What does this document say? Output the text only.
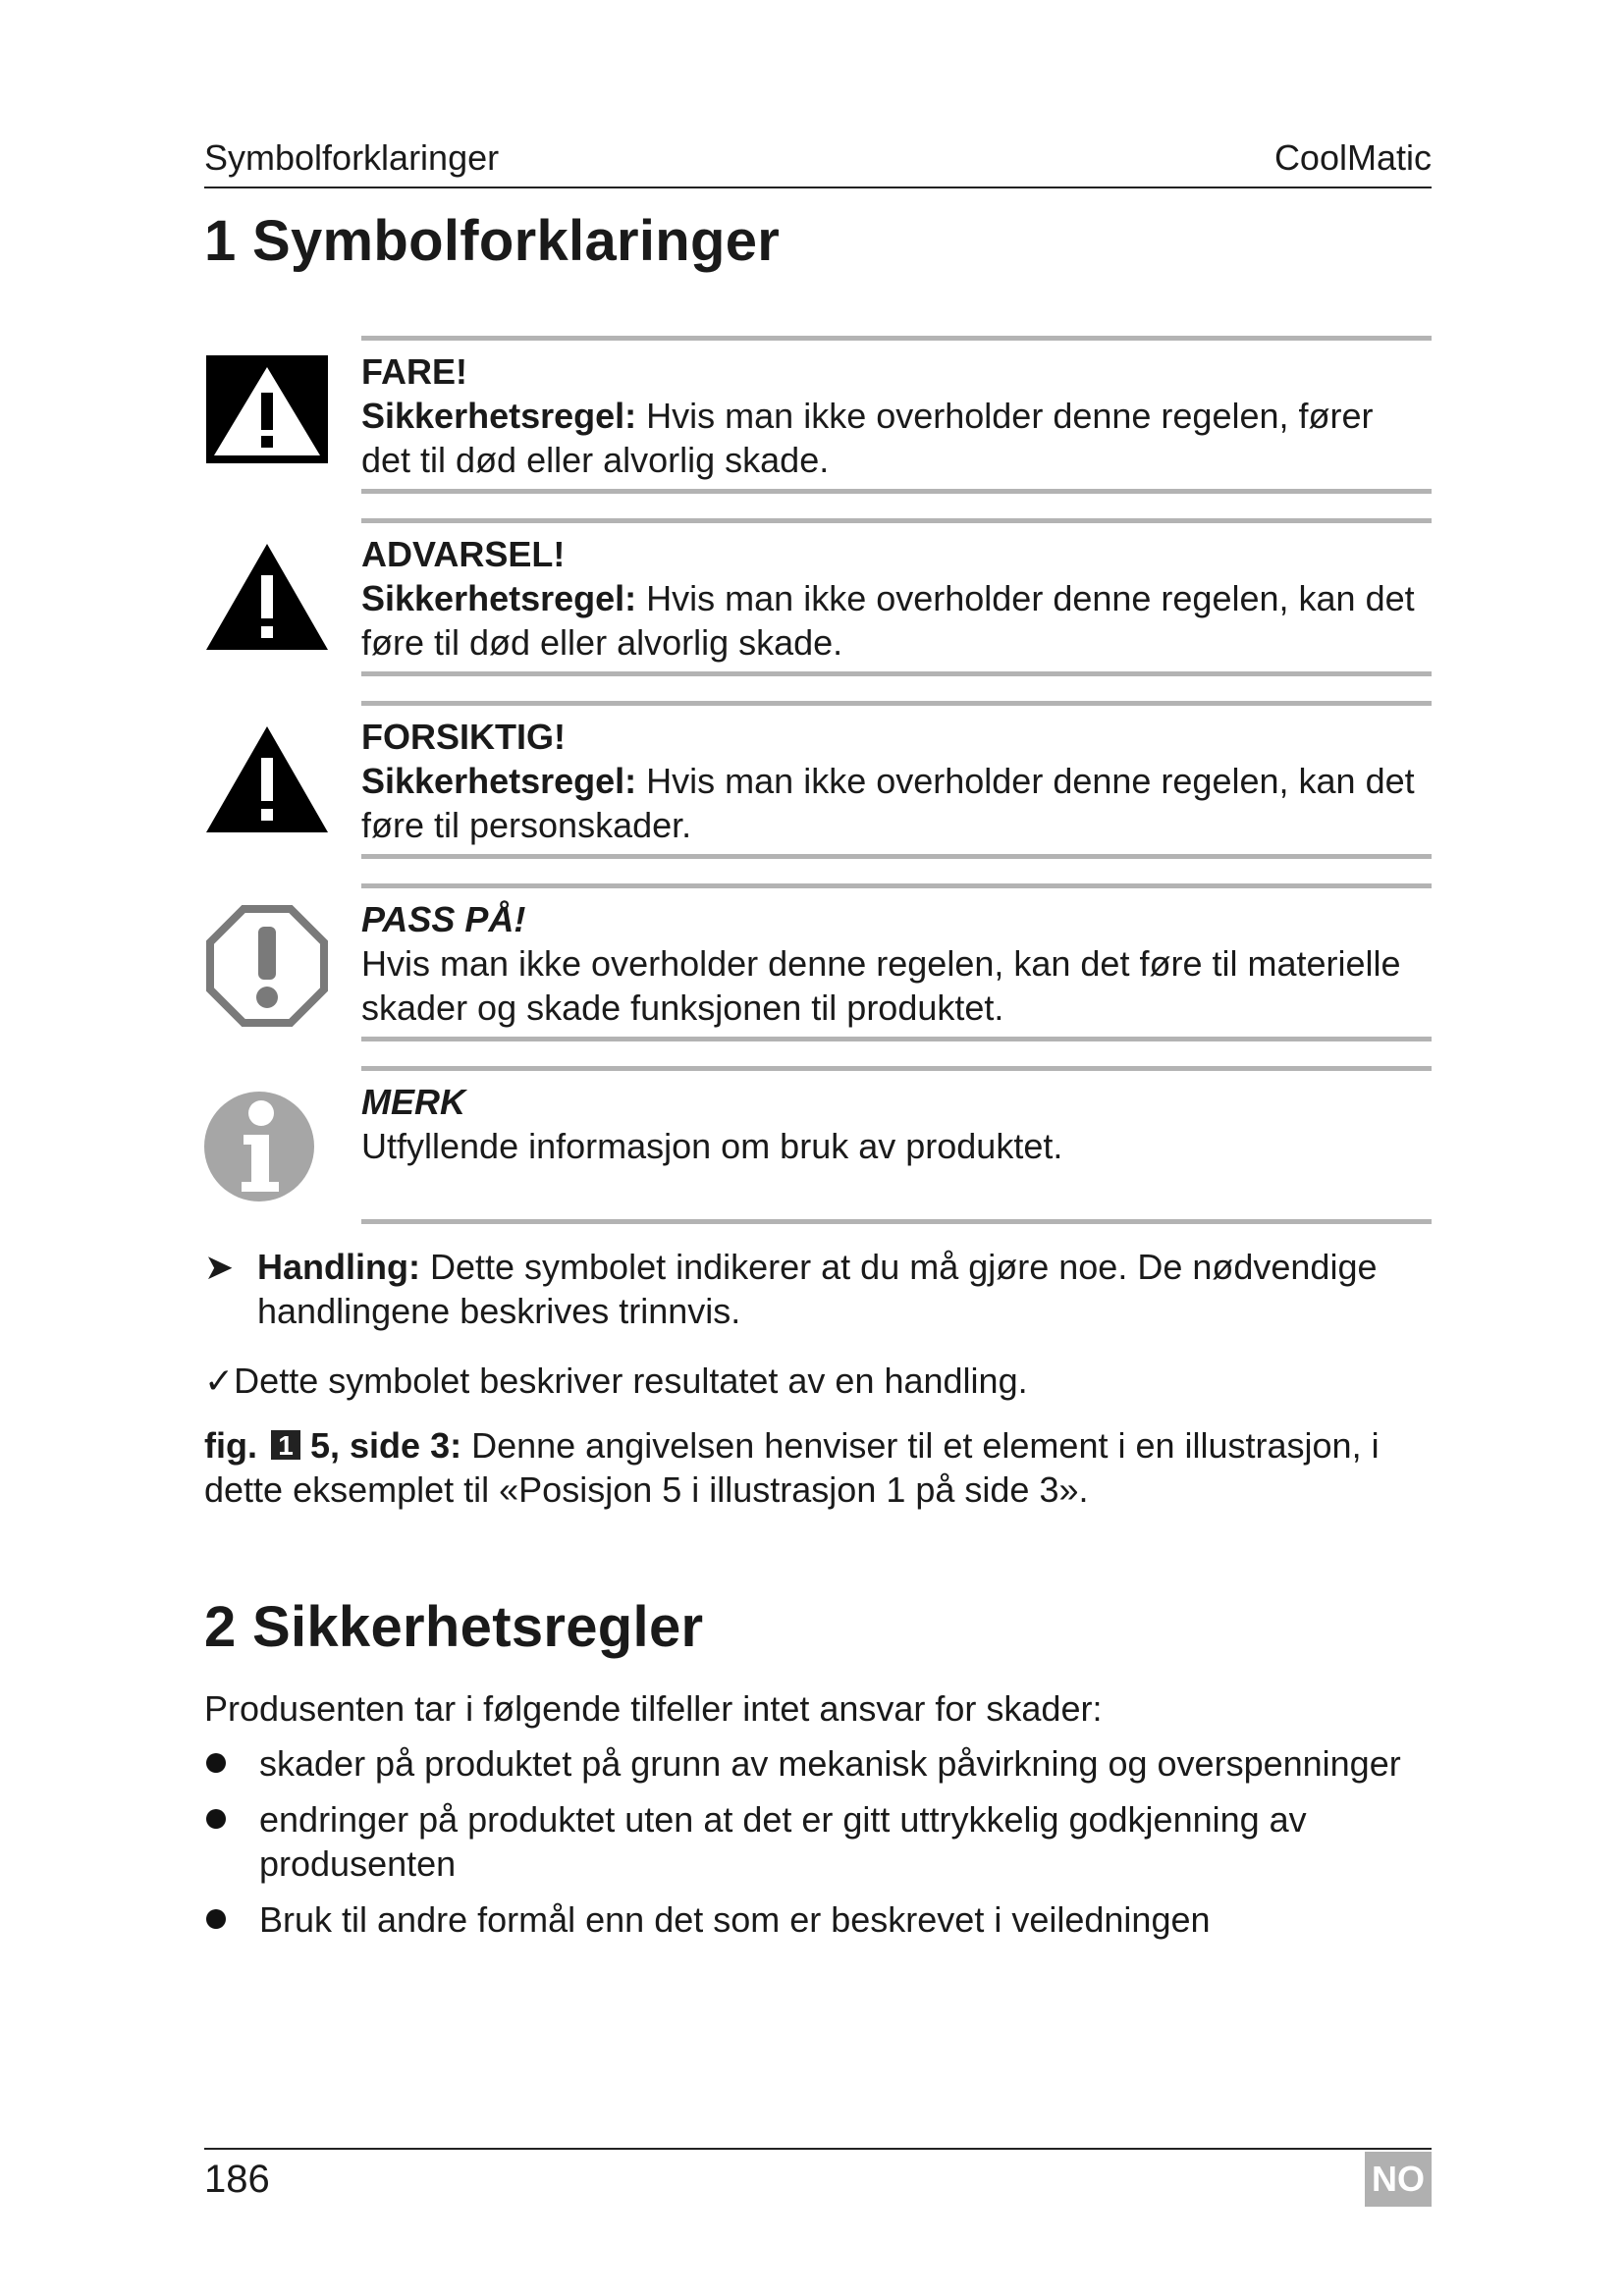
Symbolforklaringer	CoolMatic
1 Symbolforklaringer
FARE!
Sikkerhetsregel: Hvis man ikke overholder denne regelen, fører det til død eller alvorlig skade.
ADVARSEL!
Sikkerhetsregel: Hvis man ikke overholder denne regelen, kan det føre til død eller alvorlig skade.
FORSIKTIG!
Sikkerhetsregel: Hvis man ikke overholder denne regelen, kan det føre til personskader.
PASS PÅ!
Hvis man ikke overholder denne regelen, kan det føre til materielle skader og skade funksjonen til produktet.
MERK
Utfyllende informasjon om bruk av produktet.
➤ Handling: Dette symbolet indikerer at du må gjøre noe. De nødvendige handlingene beskrives trinnvis.
✓Dette symbolet beskriver resultatet av en handling.
fig. 1 5, side 3: Denne angivelsen henviser til et element i en illustrasjon, i dette eksemplet til «Posisjon 5 i illustrasjon 1 på side 3».
2 Sikkerhetsregler
Produsenten tar i følgende tilfeller intet ansvar for skader:
skader på produktet på grunn av mekanisk påvirkning og overspenninger
endringer på produktet uten at det er gitt uttrykkelig godkjenning av produsenten
Bruk til andre formål enn det som er beskrevet i veiledningen
186	NO
